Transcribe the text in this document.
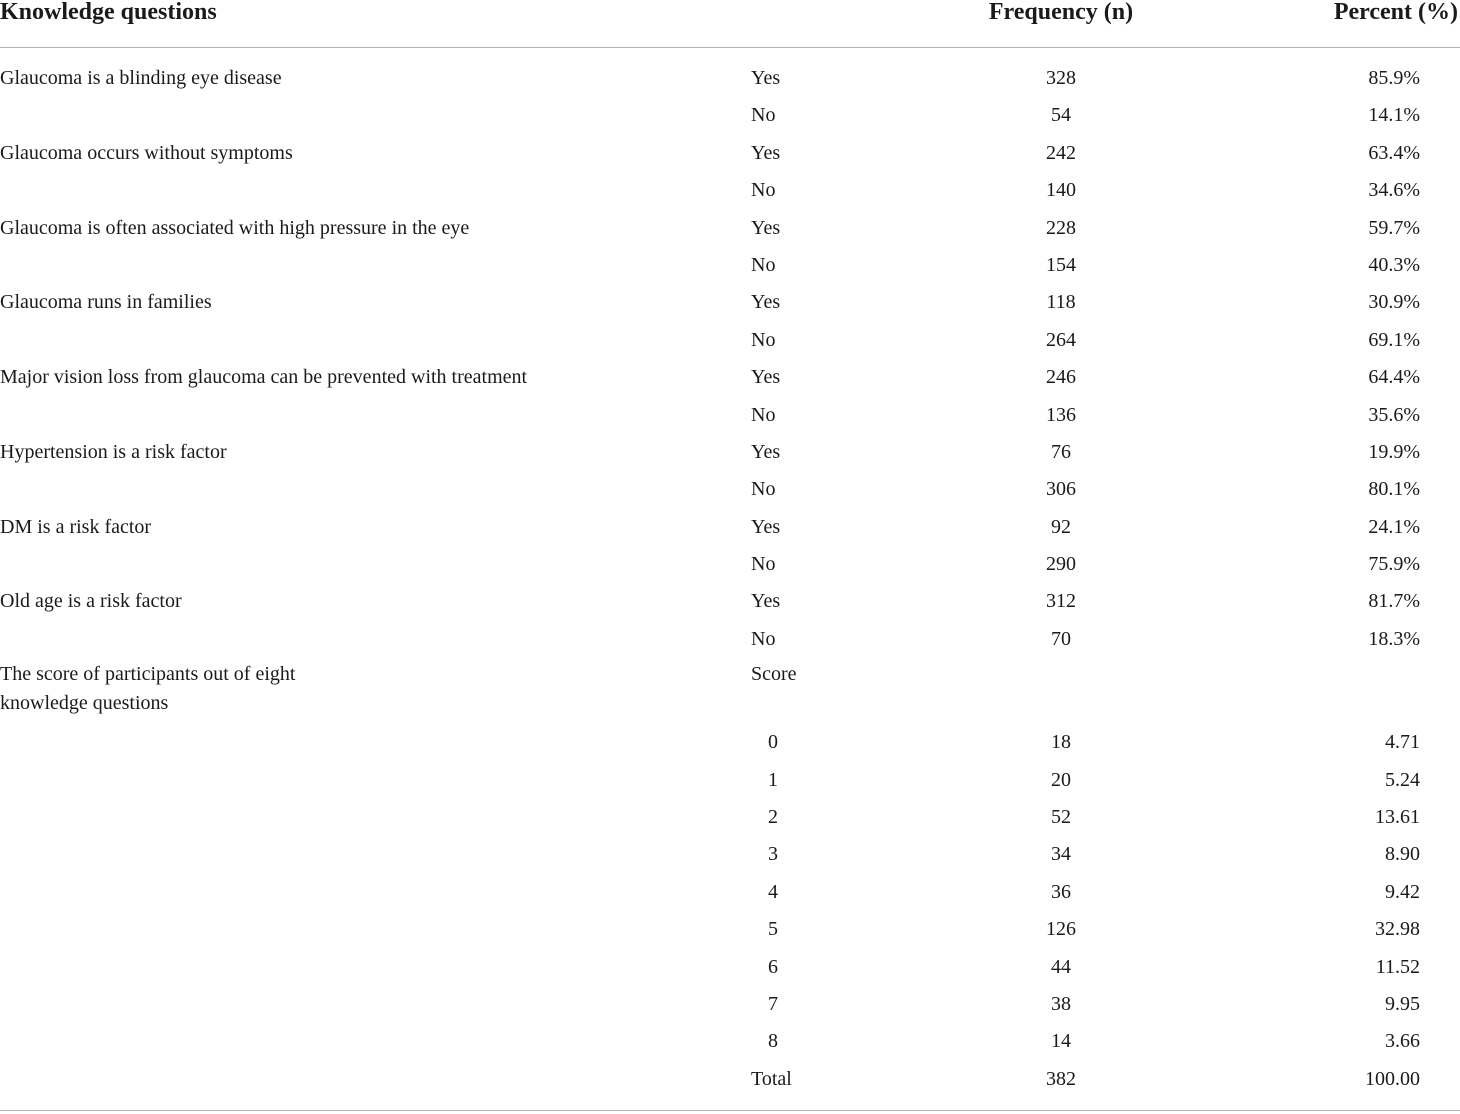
Knowledge questions	Frequency (n)	Percent (%)
Glaucoma is a blinding eye disease	Yes	328	85.9%
No	54	14.1%
Glaucoma occurs without symptoms	Yes	242	63.4%
No	140	34.6%
Glaucoma is often associated with high pressure in the eye	Yes	228	59.7%
No	154	40.3%
Glaucoma runs in families	Yes	118	30.9%
No	264	69.1%
Major vision loss from glaucoma can be prevented with treatment	Yes	246	64.4%
No	136	35.6%
Hypertension is a risk factor	Yes	76	19.9%
No	306	80.1%
DM is a risk factor	Yes	92	24.1%
No	290	75.9%
Old age is a risk factor	Yes	312	81.7%
No	70	18.3%
The score of participants out of eight
knowledge questions
Score
0	18	4.71
1	20	5.24
2	52	13.61
3	34	8.90
4	36	9.42
5	126	32.98
6	44	11.52
7	38	9.95
8	14	3.66
Total	382	100.00
